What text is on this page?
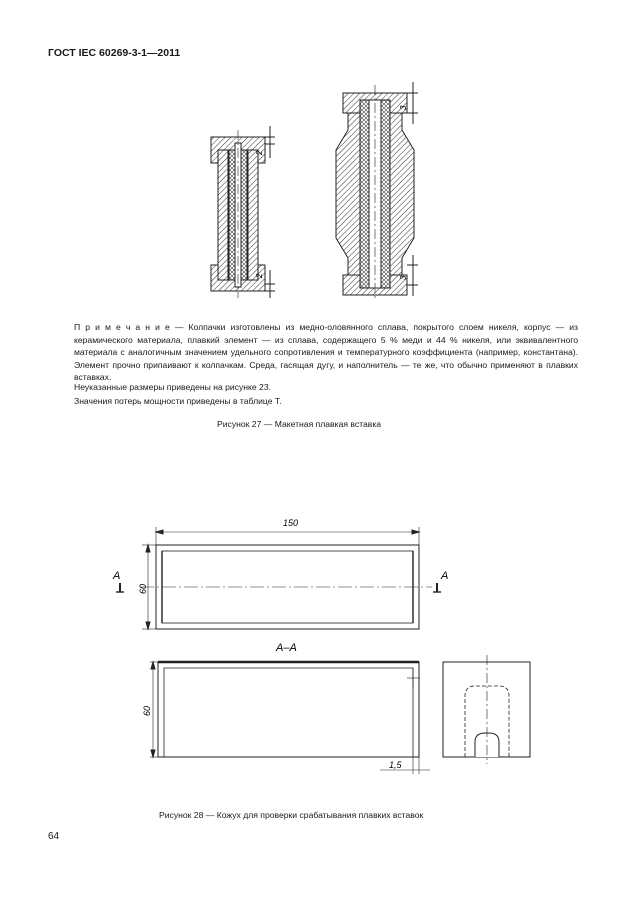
ГОСТ IEC 60269-3-1—2011
2
2
3
3

П р и м е ч а н и е — Колпачки изготовлены из медно-оловянного сплава, покрытого слоем никеля, корпус — из керамического материала, плавкий элемент — из сплава, содержащего 5 % меди и 44 % никеля, или эквивалентного материала с аналогичным значением удельного сопротивления и температурного коэффициента (например, константана). Элемент прочно припаивают к колпачкам. Среда, гасящая дугу, и наполнитель — те же, что обычно применяют в плавких вставках.

Неуказанные размеры приведены на рисунке 23.
Значения потерь мощности приведены в таблице Т.
Рисунок 27 — Макетная плавкая вставка
150
60
А	А
А–А
60
1,5
Рисунок 28 — Кожух для проверки срабатывания плавких вставок
64
